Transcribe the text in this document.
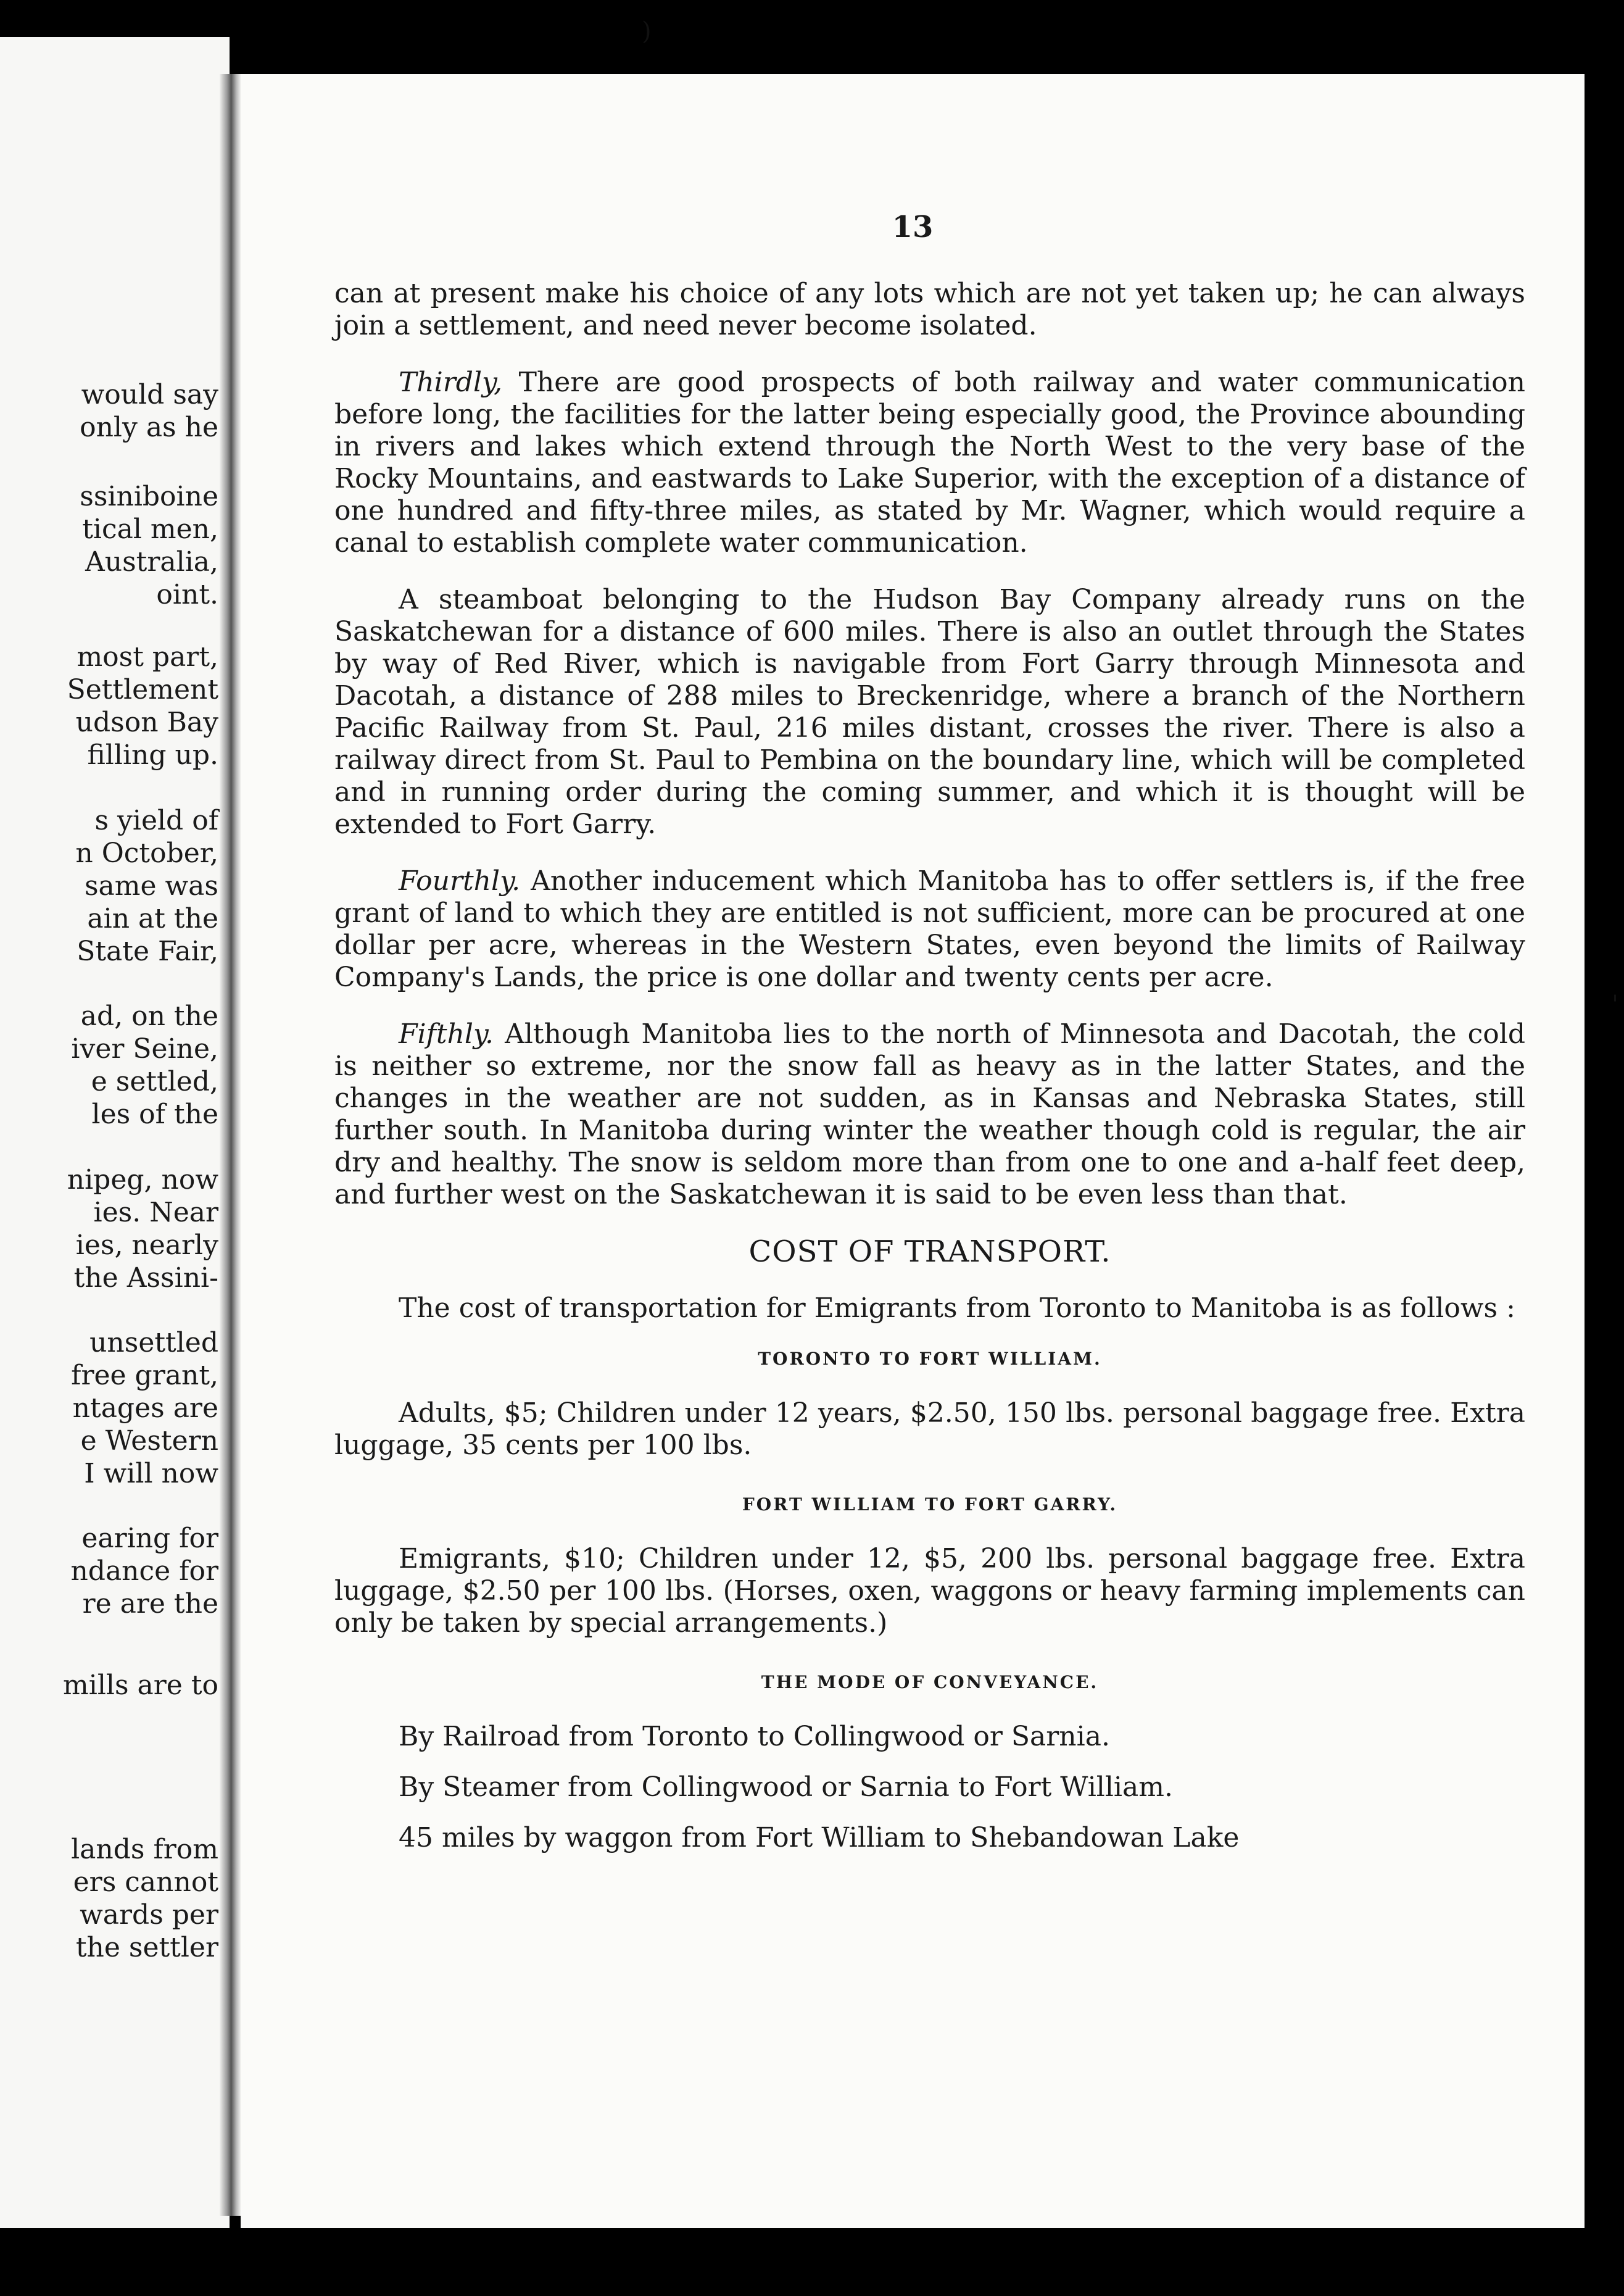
would say
only as he
ssiniboine
tical men,
Australia,
oint.
most part,
Settlement
udson Bay
filling up.
s yield of
n October,
same was
ain at the
State Fair,
ad, on the
iver Seine,
e settled,
les of the
nipeg, now
ies. Near
ies, nearly
the Assini-
unsettled
free grant,
ntages are
e Western
I will now
earing for
ndance for
re are the
mills are to
lands from
ers cannot
wards per
the settler
)
13

can at present make his choice of any lots which are not yet taken up; he can always join a settlement, and need never become isolated.

Thirdly, There are good prospects of both railway and water communication before long, the facilities for the latter being especially good, the Province abounding in rivers and lakes which extend through the North West to the very base of the Rocky Mountains, and eastwards to Lake Superior, with the exception of a distance of one hundred and fifty-three miles, as stated by Mr. Wagner, which would require a canal to establish complete water communication.

A steamboat belonging to the Hudson Bay Company already runs on the Saskatchewan for a distance of 600 miles. There is also an outlet through the States by way of Red River, which is navigable from Fort Garry through Minnesota and Dacotah, a distance of 288 miles to Breckenridge, where a branch of the Northern Pacific Railway from St. Paul, 216 miles distant, crosses the river. There is also a railway direct from St. Paul to Pembina on the boundary line, which will be completed and in running order during the coming summer, and which it is thought will be extended to Fort Garry.

Fourthly. Another inducement which Manitoba has to offer settlers is, if the free grant of land to which they are entitled is not sufficient, more can be procured at one dollar per acre, whereas in the Western States, even beyond the limits of Railway Company's Lands, the price is one dollar and twenty cents per acre.

Fifthly. Although Manitoba lies to the north of Minnesota and Dacotah, the cold is neither so extreme, nor the snow fall as heavy as in the latter States, and the changes in the weather are not sudden, as in Kansas and Nebraska States, still further south. In Manitoba during winter the weather though cold is regular, the air dry and healthy. The snow is seldom more than from one to one and a-half feet deep, and further west on the Saskatchewan it is said to be even less than that.

COST OF TRANSPORT.

The cost of transportation for Emigrants from Toronto to Manitoba is as follows :

TORONTO TO FORT WILLIAM.

Adults, $5; Children under 12 years, $2.50, 150 lbs. personal baggage free. Extra luggage, 35 cents per 100 lbs.

FORT WILLIAM TO FORT GARRY.

Emigrants, $10; Children under 12, $5, 200 lbs. personal baggage free. Extra luggage, $2.50 per 100 lbs. (Horses, oxen, waggons or heavy farming implements can only be taken by special arrangements.)

THE MODE OF CONVEYANCE.

By Railroad from Toronto to Collingwood or Sarnia.

By Steamer from Collingwood or Sarnia to Fort William.

45 miles by waggon from Fort William to Shebandowan Lake

'
